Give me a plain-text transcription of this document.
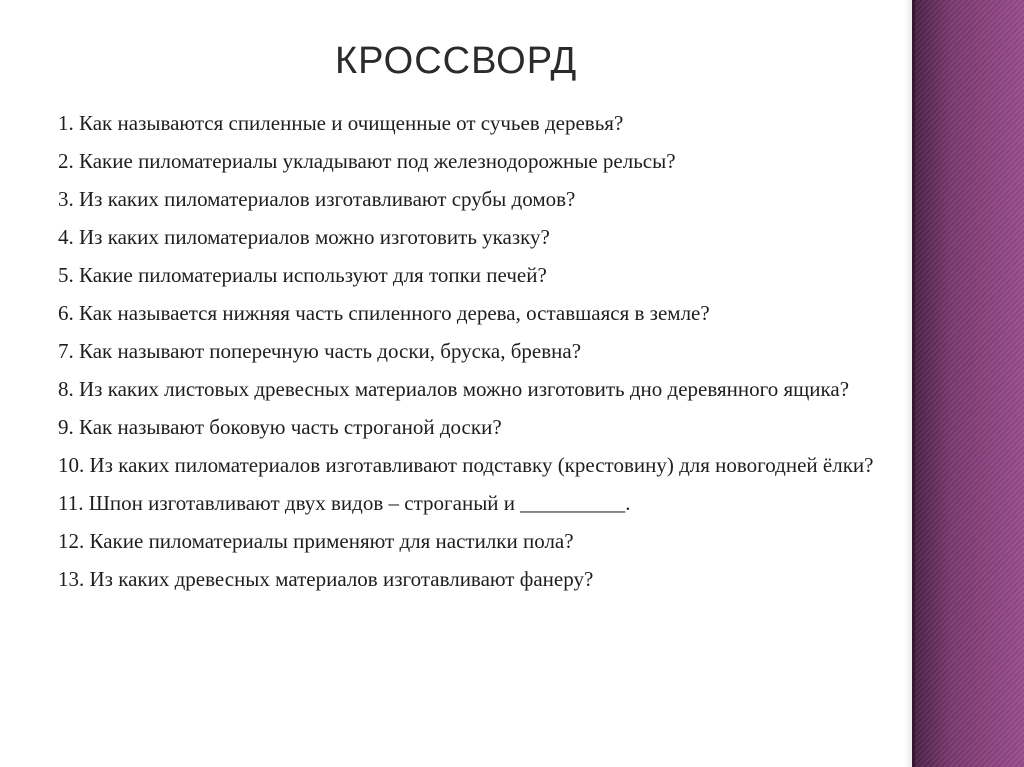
КРОССВОРД
1. Как называются спиленные и очищенные от сучьев деревья?
2. Какие пиломатериалы укладывают под железнодорожные рельсы?
3. Из каких пиломатериалов изготавливают срубы домов?
4. Из каких пиломатериалов можно изготовить указку?
5. Какие пиломатериалы используют для топки печей?
6. Как называется нижняя часть спиленного дерева, оставшаяся в земле?
7. Как называют поперечную часть доски, бруска, бревна?
8. Из каких листовых древесных материалов можно изготовить дно деревянного ящика?
9. Как называют боковую часть строганой доски?
10. Из каких пиломатериалов изготавливают подставку (крестовину) для новогодней ёлки?
11. Шпон изготавливают двух видов – строганый и __________.
12. Какие пиломатериалы применяют для настилки пола?
13. Из каких древесных материалов изготавливают фанеру?
